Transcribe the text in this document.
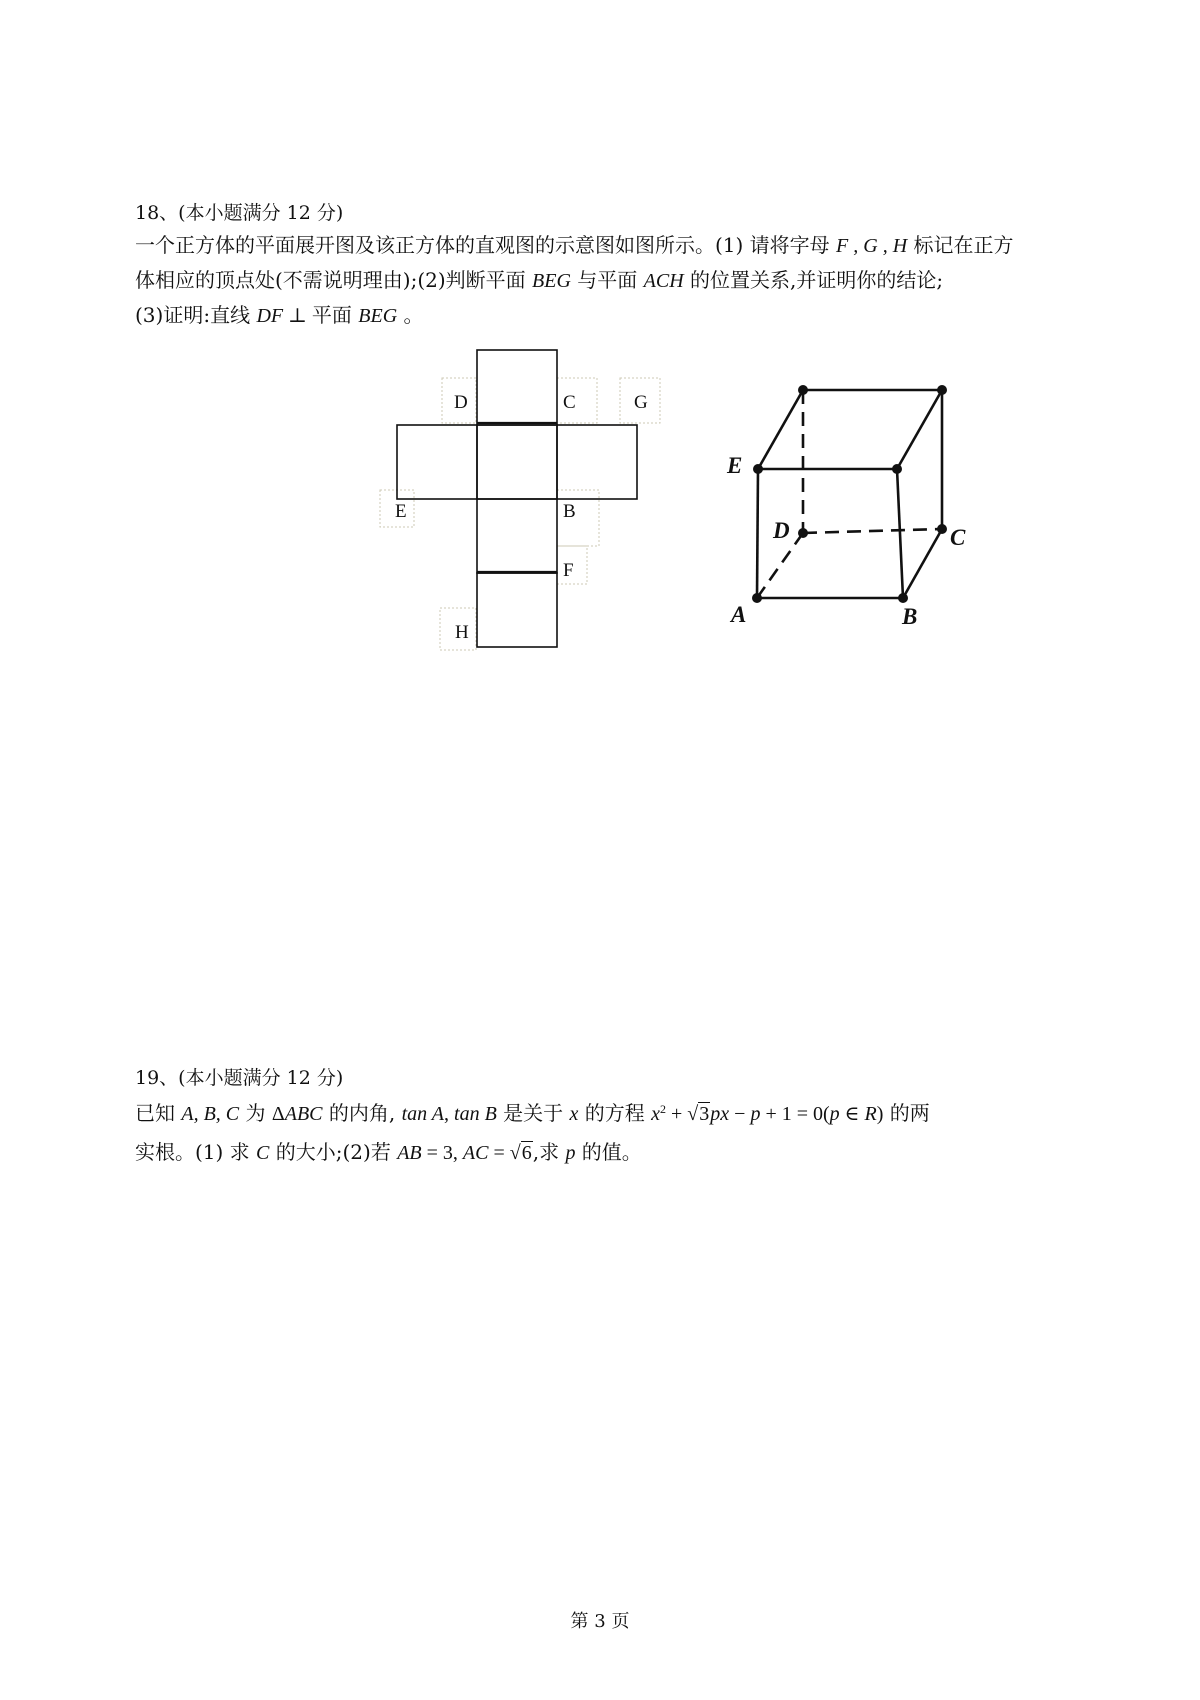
18、(本小题满分 12 分)

一个正方体的平面展开图及该正方体的直观图的示意图如图所示。(1) 请将字母 F , G , H 标记在正方

体相应的顶点处(不需说明理由);(2)判断平面 BEG 与平面 ACH 的位置关系,并证明你的结论;

(3)证明:直线 DF ⊥ 平面 BEG 。

D	C	G
E	B
F
H
E
D	C
A	B

19、(本小题满分 12 分)

已知 A, B, C 为 ΔABC 的内角, tan A, tan B 是关于 x 的方程 $x^2 + √3px - p + 1 = 0(p$ ∈ R) 的两

实根。(1) 求 C 的大小;(2)若 AB = 3, AC = √6,求 p 的值。

第 3 页
